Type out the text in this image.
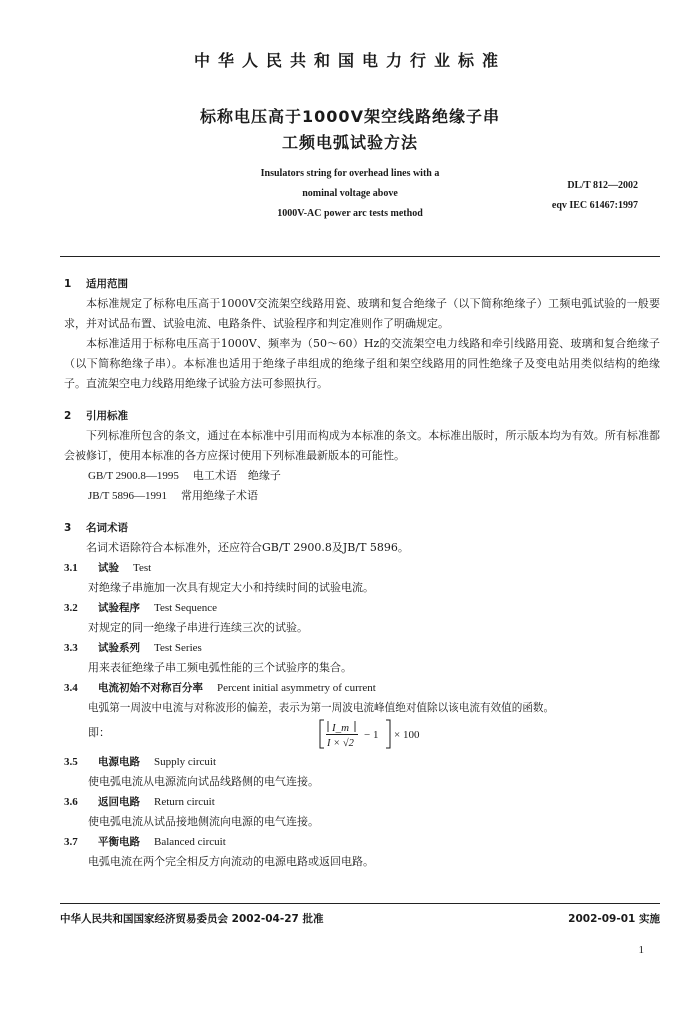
中华人民共和国电力行业标准
标称电压高于1000V架空线路绝缘子串
工频电弧试验方法
Insulators string for overhead lines with a
nominal voltage above
1000V-AC power arc tests method
DL/T 812—2002
eqv IEC 61467:1997

1 适用范围

本标准规定了标称电压高于1000V交流架空线路用瓷、玻璃和复合绝缘子（以下简称绝缘子）工频电弧试验的一般要求，并对试品布置、试验电流、电路条件、试验程序和判定准则作了明确规定。

本标准适用于标称电压高于1000V、频率为（50～60）Hz的交流架空电力线路和牵引线路用瓷、玻璃和复合绝缘子（以下简称绝缘子串）。本标准也适用于绝缘子串组成的绝缘子组和架空线路用的同性绝缘子及变电站用类似结构的绝缘子。直流架空电力线路用绝缘子试验方法可参照执行。

2 引用标准

下列标准所包含的条文，通过在本标准中引用而构成为本标准的条文。本标准出版时，所示版本均为有效。所有标准都会被修订，使用本标准的各方应探讨使用下列标准最新版本的可能性。

GB/T 2900.8—1995 电工术语　绝缘子

JB/T 5896—1991 常用绝缘子术语

3 名词术语

名词术语除符合本标准外，还应符合GB/T 2900.8及JB/T 5896。

3.1 试验 Test

对绝缘子串施加一次具有规定大小和持续时间的试验电流。

3.2 试验程序 Test Sequence

对规定的同一绝缘子串进行连续三次的试验。

3.3 试验系列 Test Series

用来表征绝缘子串工频电弧性能的三个试验序的集合。

3.4 电流初始不对称百分率 Percent initial asymmetry of current

电弧第一周波中电流与对称波形的偏差，表示为第一周波电流峰值绝对值除以该电流有效值的函数。

即：	I_m
I × √2
− 1 × 100

3.5 电源电路 Supply circuit

使电弧电流从电源流向试品线路侧的电气连接。

3.6 返回电路 Return circuit

使电弧电流从试品接地侧流向电源的电气连接。

3.7 平衡电路 Balanced circuit

电弧电流在两个完全相反方向流动的电源电路或返回电路。

中华人民共和国国家经济贸易委员会 2002-04-27 批准	2002-09-01 实施
1
